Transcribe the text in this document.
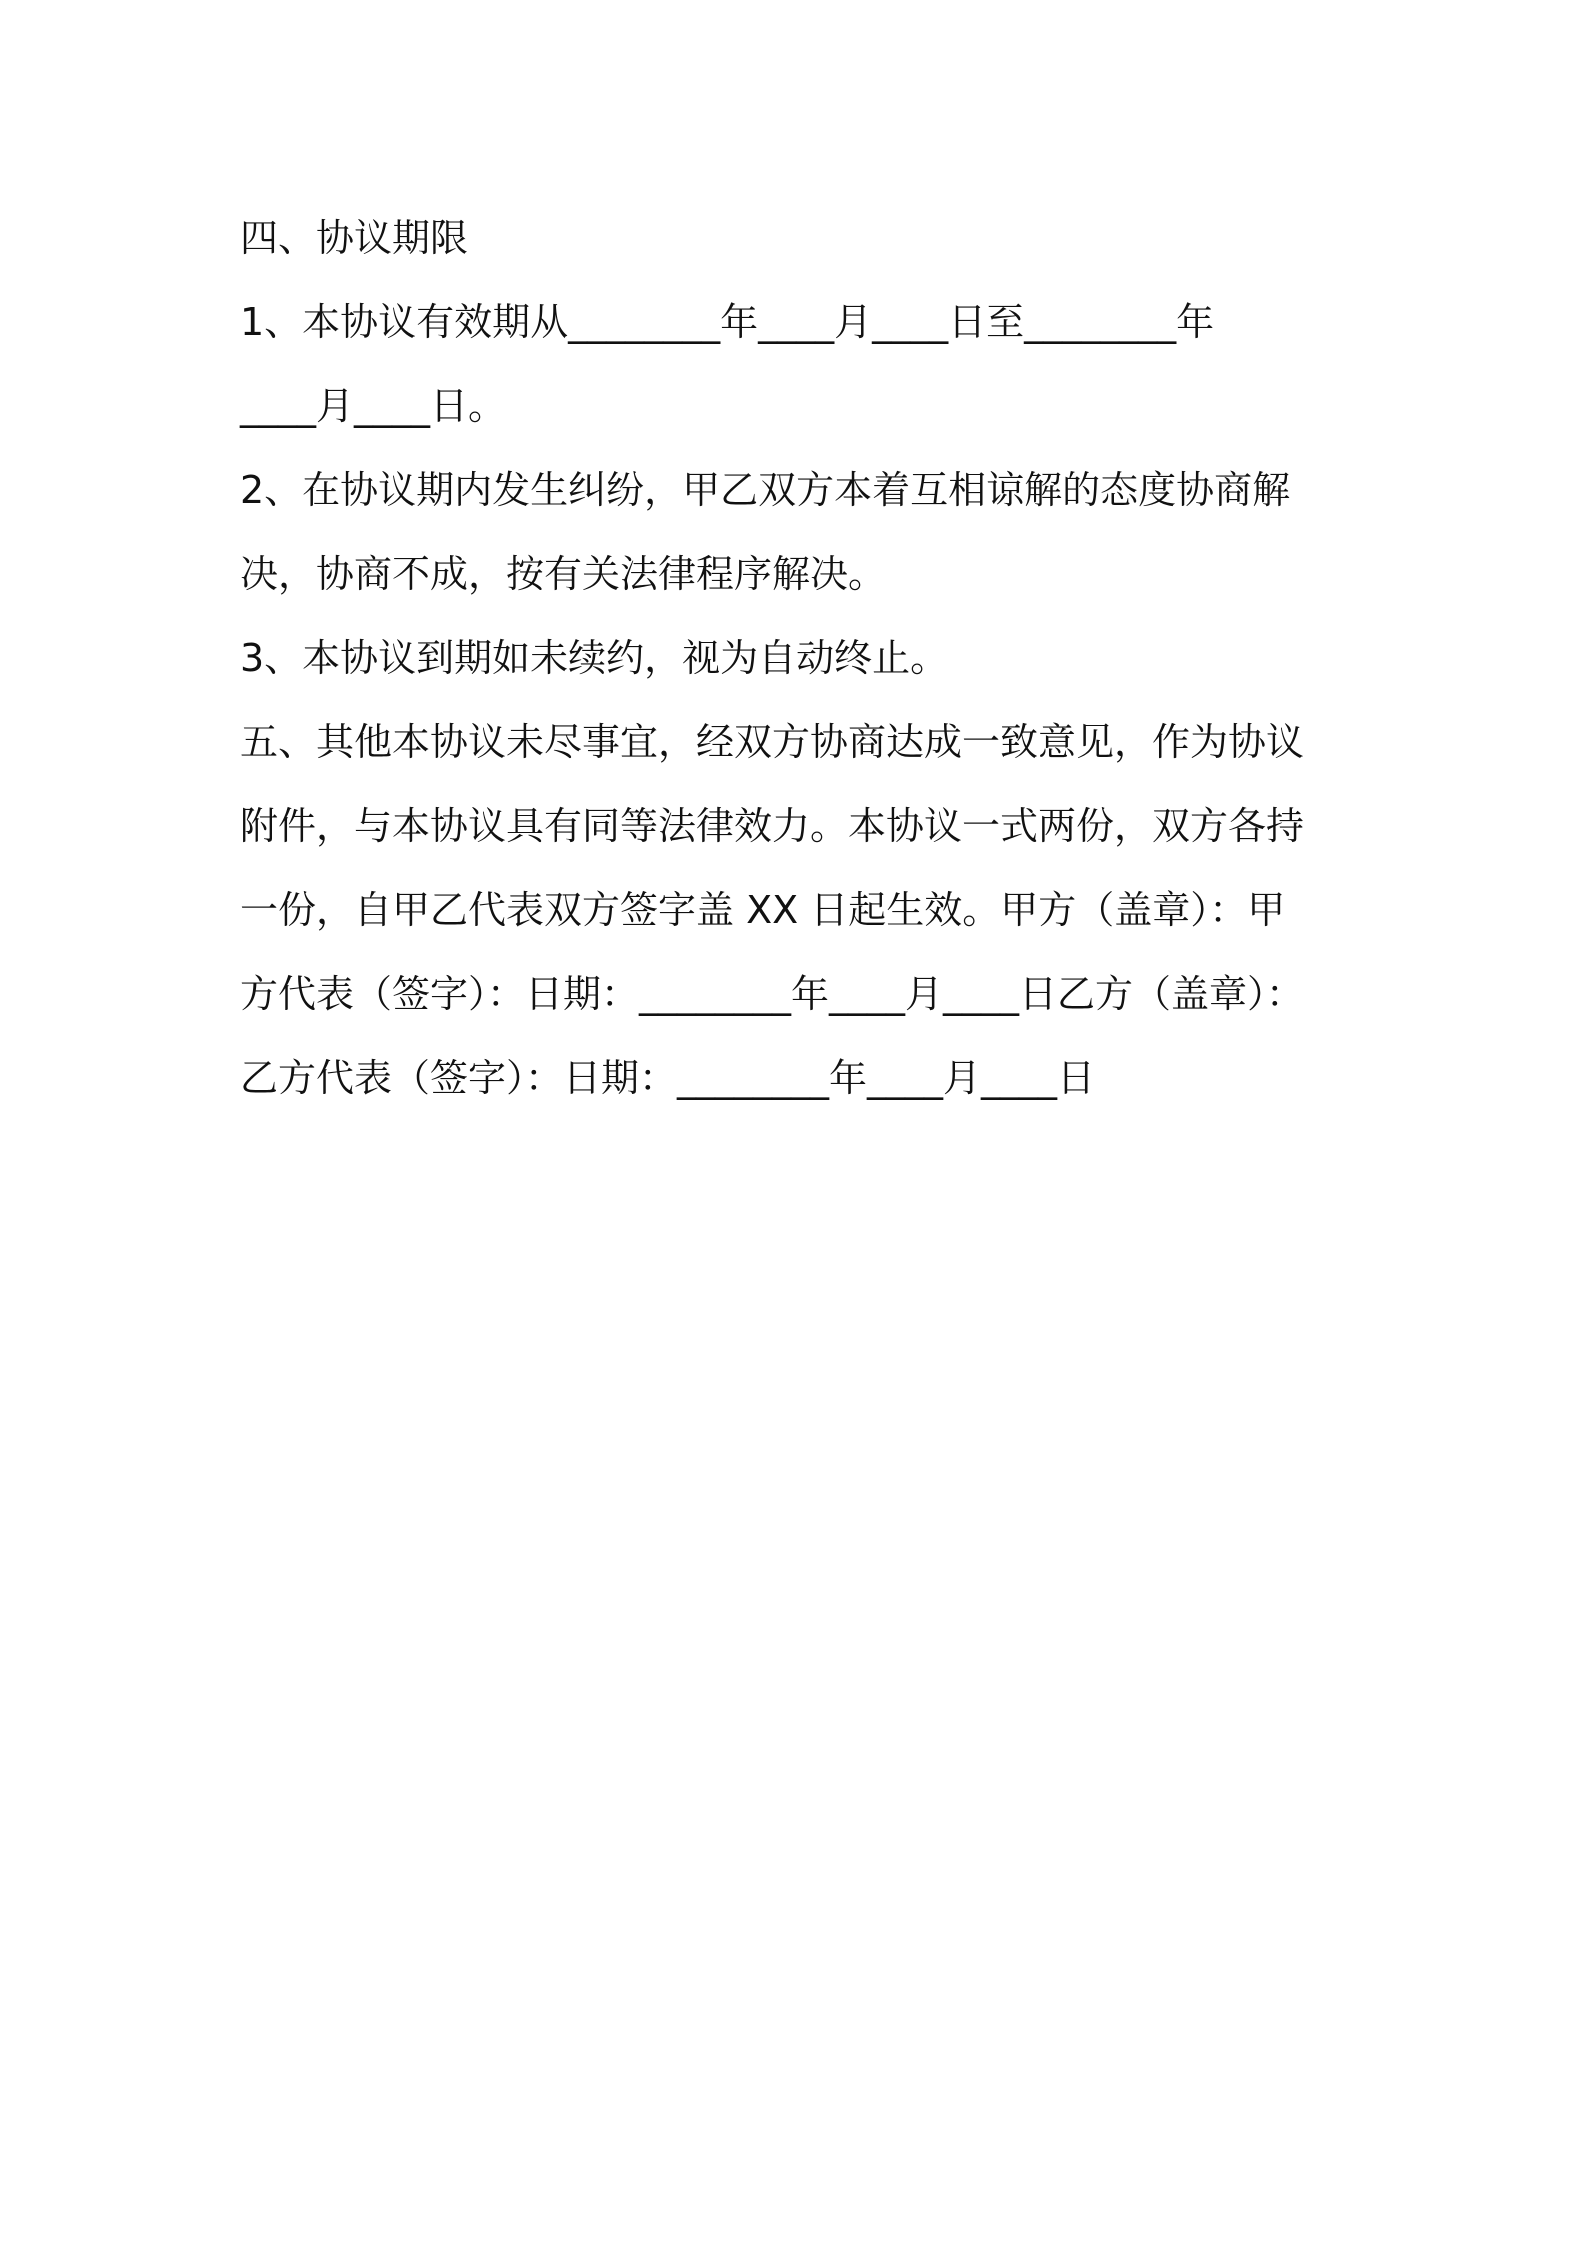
四、协议期限
1、本协议有效期从________年____月____日至________年
____月____日。
2、在协议期内发生纠纷，甲乙双方本着互相谅解的态度协商解
决，协商不成，按有关法律程序解决。
3、本协议到期如未续约，视为自动终止。
五、其他本协议未尽事宜，经双方协商达成一致意见，作为协议
附件，与本协议具有同等法律效力。本协议一式两份，双方各持
一份，自甲乙代表双方签字盖 XX 日起生效。甲方（盖章）：甲
方代表（签字）：日期：________年____月____日乙方（盖章）：
乙方代表（签字）：日期：________年____月____日
